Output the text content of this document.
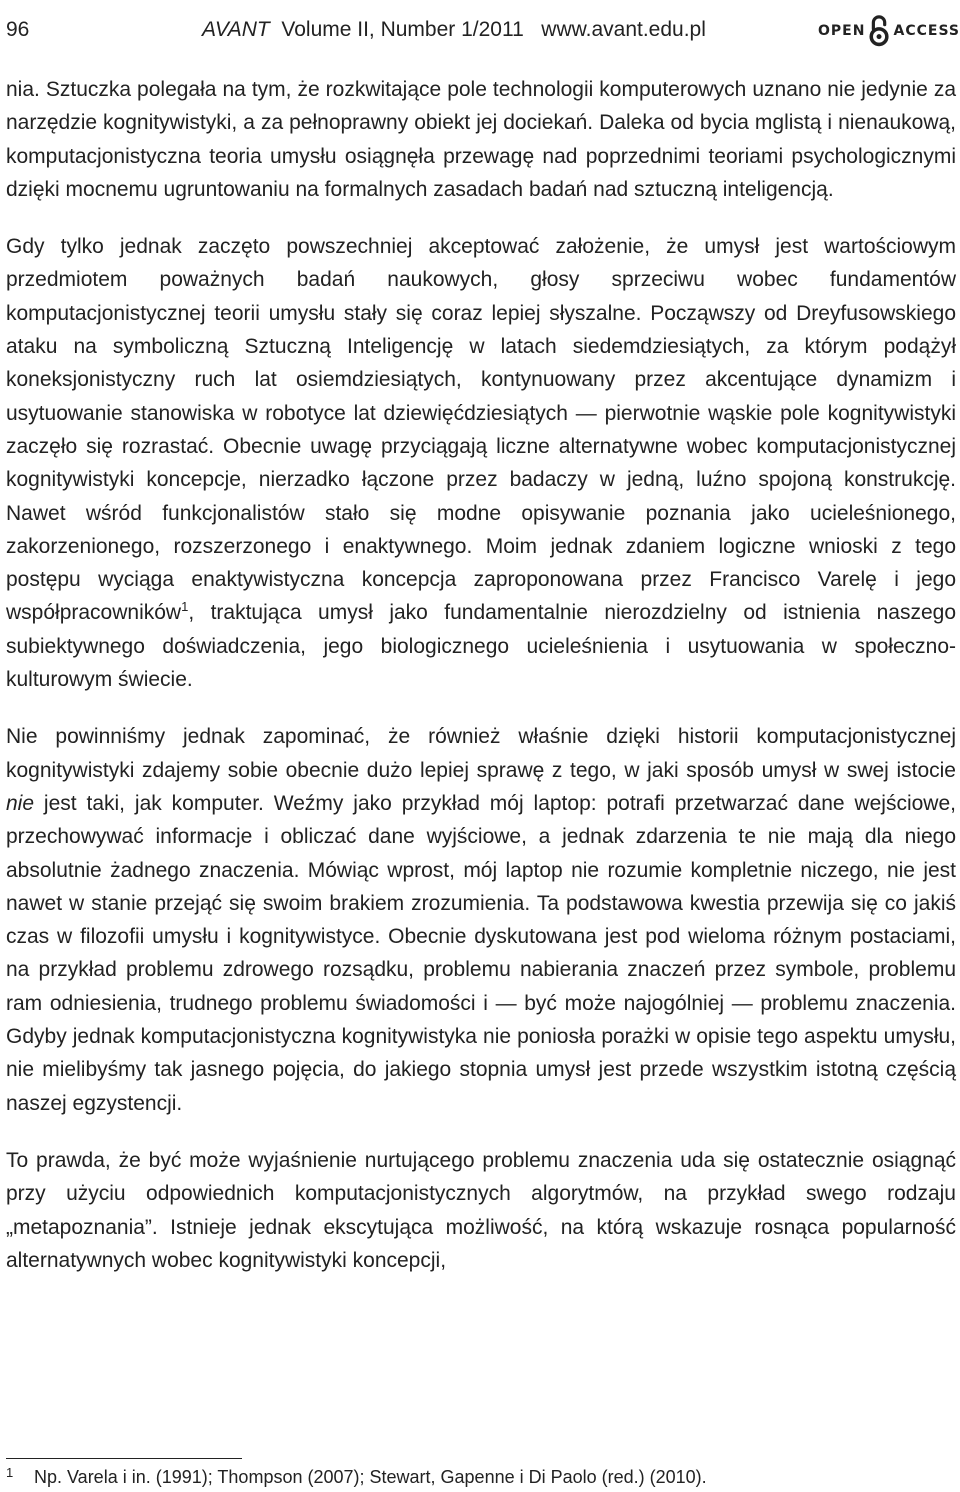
96	AVANT  Volume II, Number 1/2011   www.avant.edu.pl	OPEN ACCESS

nia. Sztuczka polegała na tym, że rozkwitające pole technologii komputerowych uznano nie jedynie za narzędzie kognitywistyki, a za pełnoprawny obiekt jej dociekań. Daleka od bycia mglistą i nienaukową, komputacjonistyczna teoria umysłu osiągnęła przewagę nad poprzednimi teoriami psychologicznymi dzięki mocnemu ugruntowaniu na formalnych zasadach badań nad sztuczną inteligencją.

Gdy tylko jednak zaczęto powszechniej akceptować założenie, że umysł jest wartościowym przedmiotem poważnych badań naukowych, głosy sprzeciwu wobec fundamentów komputacjonistycznej teorii umysłu stały się coraz lepiej słyszalne. Począwszy od Dreyfusowskiego ataku na symboliczną Sztuczną Inteligencję w latach siedemdziesiątych, za którym podążył koneksjonistyczny ruch lat osiemdziesiątych, kontynuowany przez akcentujące dynamizm i usytuowanie stanowiska w robotyce lat dziewięćdziesiątych — pierwotnie wąskie pole kognitywistyki zaczęło się rozrastać. Obecnie uwagę przyciągają liczne alternatywne wobec komputacjonistycznej kognitywistyki koncepcje, nierzadko łączone przez badaczy w jedną, luźno spojoną konstrukcję. Nawet wśród funkcjonalistów stało się modne opisywanie poznania jako ucieleśnionego, zakorzenionego, rozszerzonego i enaktywnego. Moim jednak zdaniem logiczne wnioski z tego postępu wyciąga enaktywistyczna koncepcja zaproponowana przez Francisco Varelę i jego współpracowników$^1$, traktująca umysł jako fundamentalnie nierozdzielny od istnienia naszego subiektywnego doświadczenia, jego biologicznego ucieleśnienia i usytuowania w społeczno-kulturowym świecie.

Nie powinniśmy jednak zapominać, że również właśnie dzięki historii komputacjonistycznej kognitywistyki zdajemy sobie obecnie dużo lepiej sprawę z tego, w jaki sposób umysł w swej istocie nie jest taki, jak komputer. Weźmy jako przykład mój laptop: potrafi przetwarzać dane wejściowe, przechowywać informacje i obliczać dane wyjściowe, a jednak zdarzenia te nie mają dla niego absolutnie żadnego znaczenia. Mówiąc wprost, mój laptop nie rozumie kompletnie niczego, nie jest nawet w stanie przejąć się swoim brakiem zrozumienia. Ta podstawowa kwestia przewija się co jakiś czas w filozofii umysłu i kognitywistyce. Obecnie dyskutowana jest pod wieloma różnym postaciami, na przykład problemu zdrowego rozsądku, problemu nabierania znaczeń przez symbole, problemu ram odniesienia, trudnego problemu świadomości i — być może najogólniej — problemu znaczenia. Gdyby jednak komputacjonistyczna kognitywistyka nie poniosła porażki w opisie tego aspektu umysłu, nie mielibyśmy tak jasnego pojęcia, do jakiego stopnia umysł jest przede wszystkim istotną częścią naszej egzystencji.

To prawda, że być może wyjaśnienie nurtującego problemu znaczenia uda się ostatecznie osiągnąć przy użyciu odpowiednich komputacjonistycznych algorytmów, na przykład swego rodzaju „metapoznania”. Istnieje jednak ekscytująca możliwość, na którą wskazuje rosnąca popularność alternatywnych wobec kognitywistyki koncepcji,

1 Np. Varela i in. (1991); Thompson (2007); Stewart, Gapenne i Di Paolo (red.) (2010).
